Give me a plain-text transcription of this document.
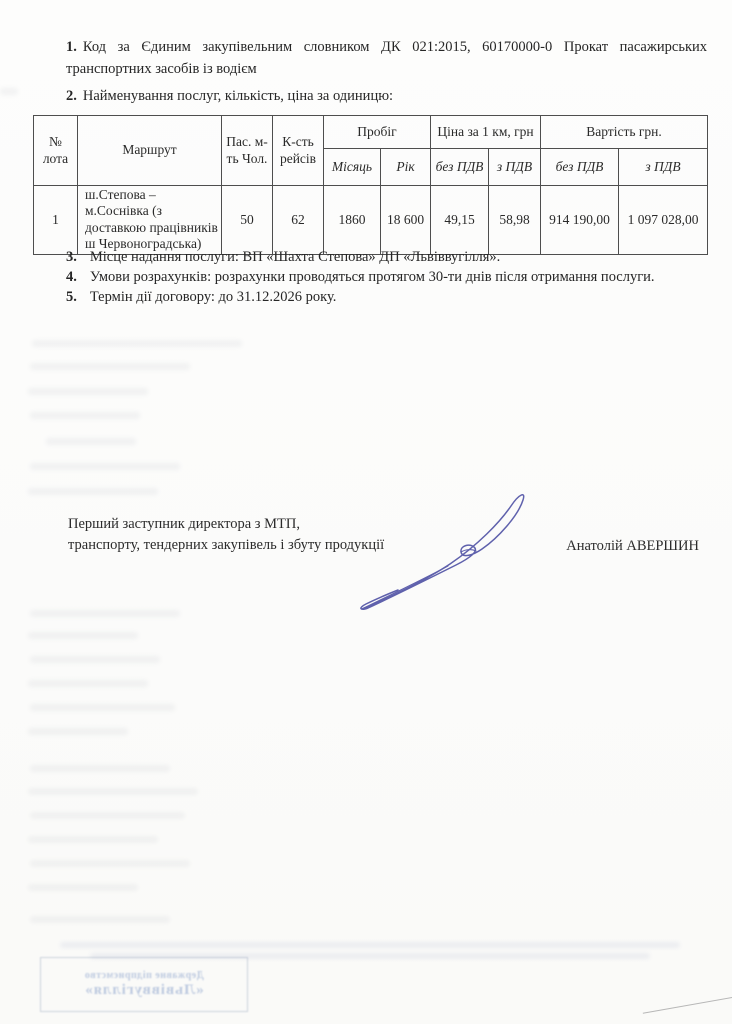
1. Код за Єдиним закупівельним словником ДК 021:2015, 60170000-0 Прокат пасажирських транспортних засобів із водієм

2. Найменування послуг, кількість, ціна за одиницю:

№ лота	Маршрут	Пас. м-ть Чол.	К-сть рейсів	Пробіг		Ціна за 1 км, грн		Вартість грн.	
				Місяць	Рік	без ПДВ	з ПДВ	без ПДВ	з ПДВ
1	ш.Степова – м.Соснівка (з доставкою працівників ш Червоноградська)	50	62	1860	18 600	49,15	58,98	914 190,00	1 097 028,00

3. Місце надання послуги: ВП «Шахта Степова» ДП «Львіввугілля».

4. Умови розрахунків: розрахунки проводяться протягом 30-ти днів після отримання послуги.

5. Термін дії договору: до 31.12.2026 року.

Перший заступник директора з МТП,
транспорту, тендерних закупівель і збуту продукції	Анатолій АВЕРШИН
Державне підприємство
«Львіввугілля»
